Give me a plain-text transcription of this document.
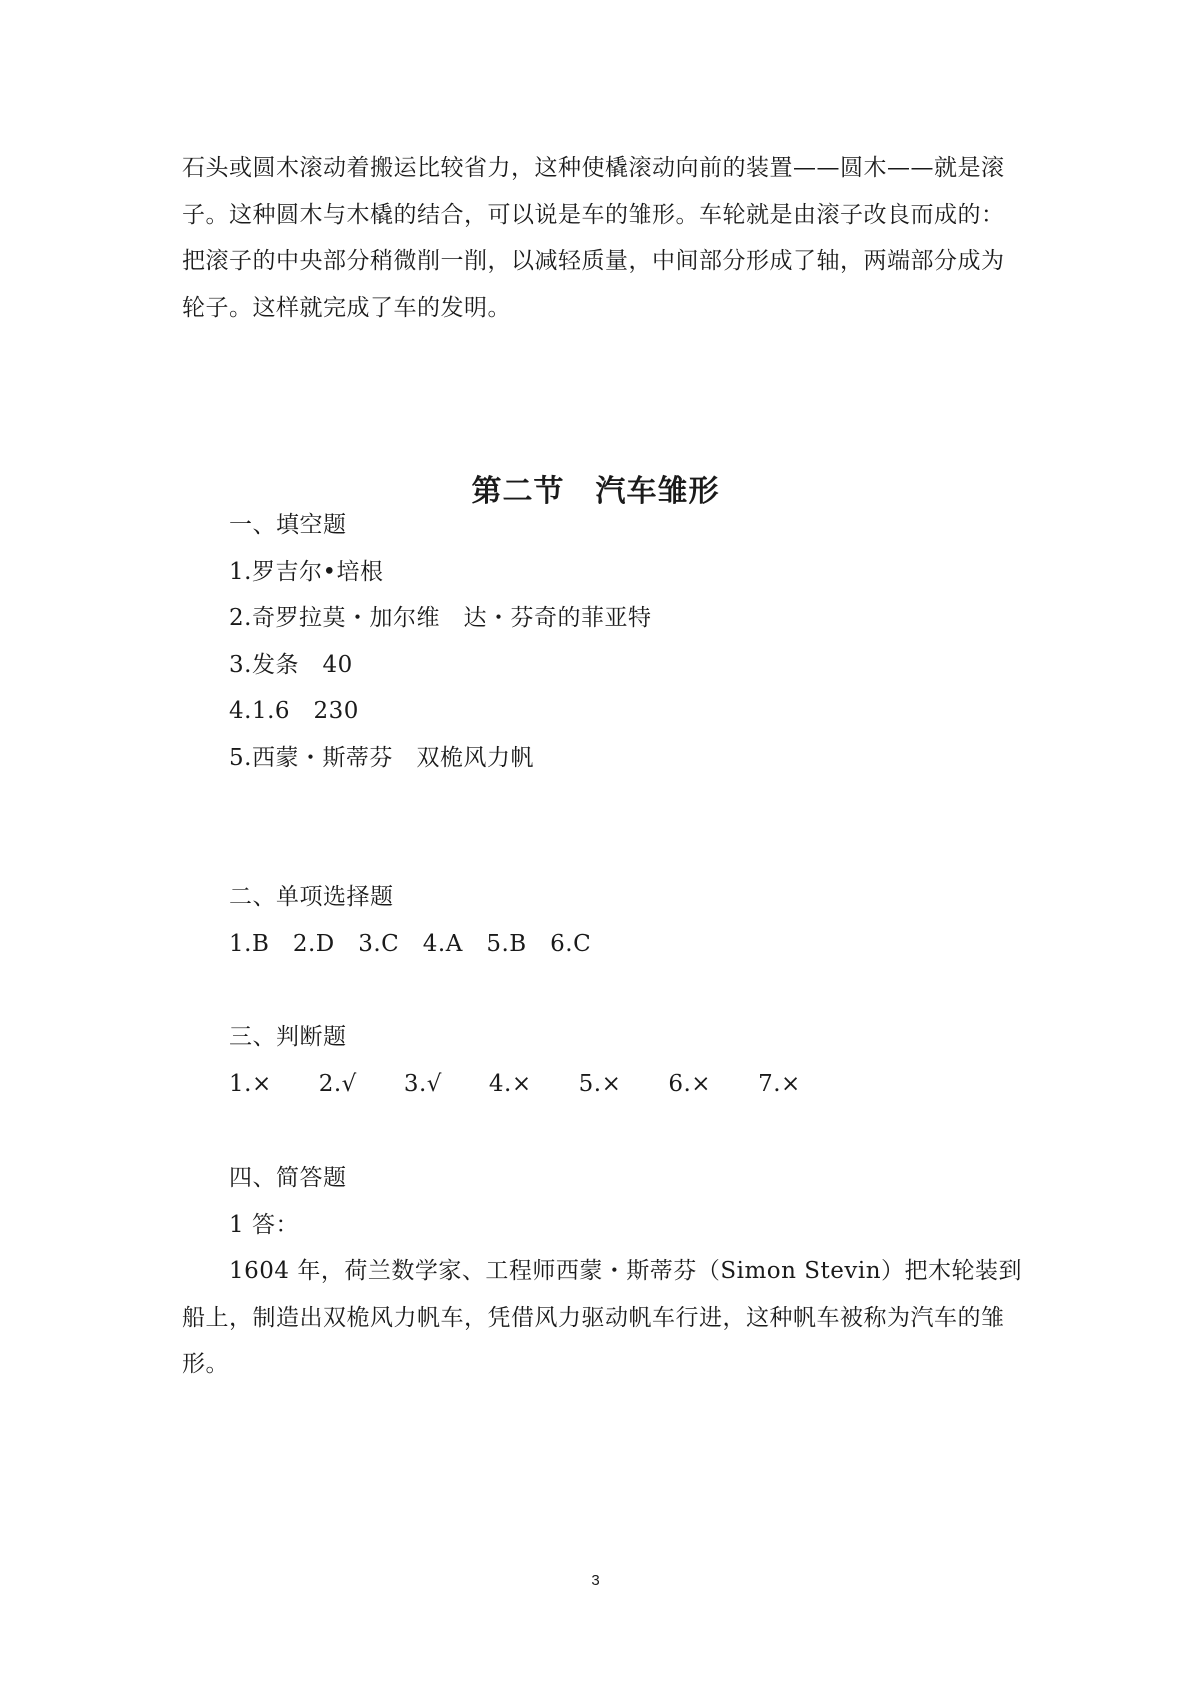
石头或圆木滚动着搬运比较省力，这种使橇滚动向前的装置——圆木——就是滚
子。这种圆木与木橇的结合，可以说是车的雏形。车轮就是由滚子改良而成的：
把滚子的中央部分稍微削一削，以减轻质量，中间部分形成了轴，两端部分成为
轮子。这样就完成了车的发明。

第二节　汽车雏形
一、填空题
1.罗吉尔•培根
2.奇罗拉莫・加尔维　达・芬奇的菲亚特
3.发条　40
4.1.6　230
5.西蒙・斯蒂芬　双桅风力帆
二、单项选择题
1.B　2.D　3.C　4.A　5.B　6.C
三、判断题
1.×　　2.√　　3.√　　4.×　　5.×　　6.×　　7.×
四、简答题
1 答：
　　1604 年，荷兰数学家、工程师西蒙・斯蒂芬（Simon Stevin）把木轮装到
船上，制造出双桅风力帆车，凭借风力驱动帆车行进，这种帆车被称为汽车的雏
形。
3
